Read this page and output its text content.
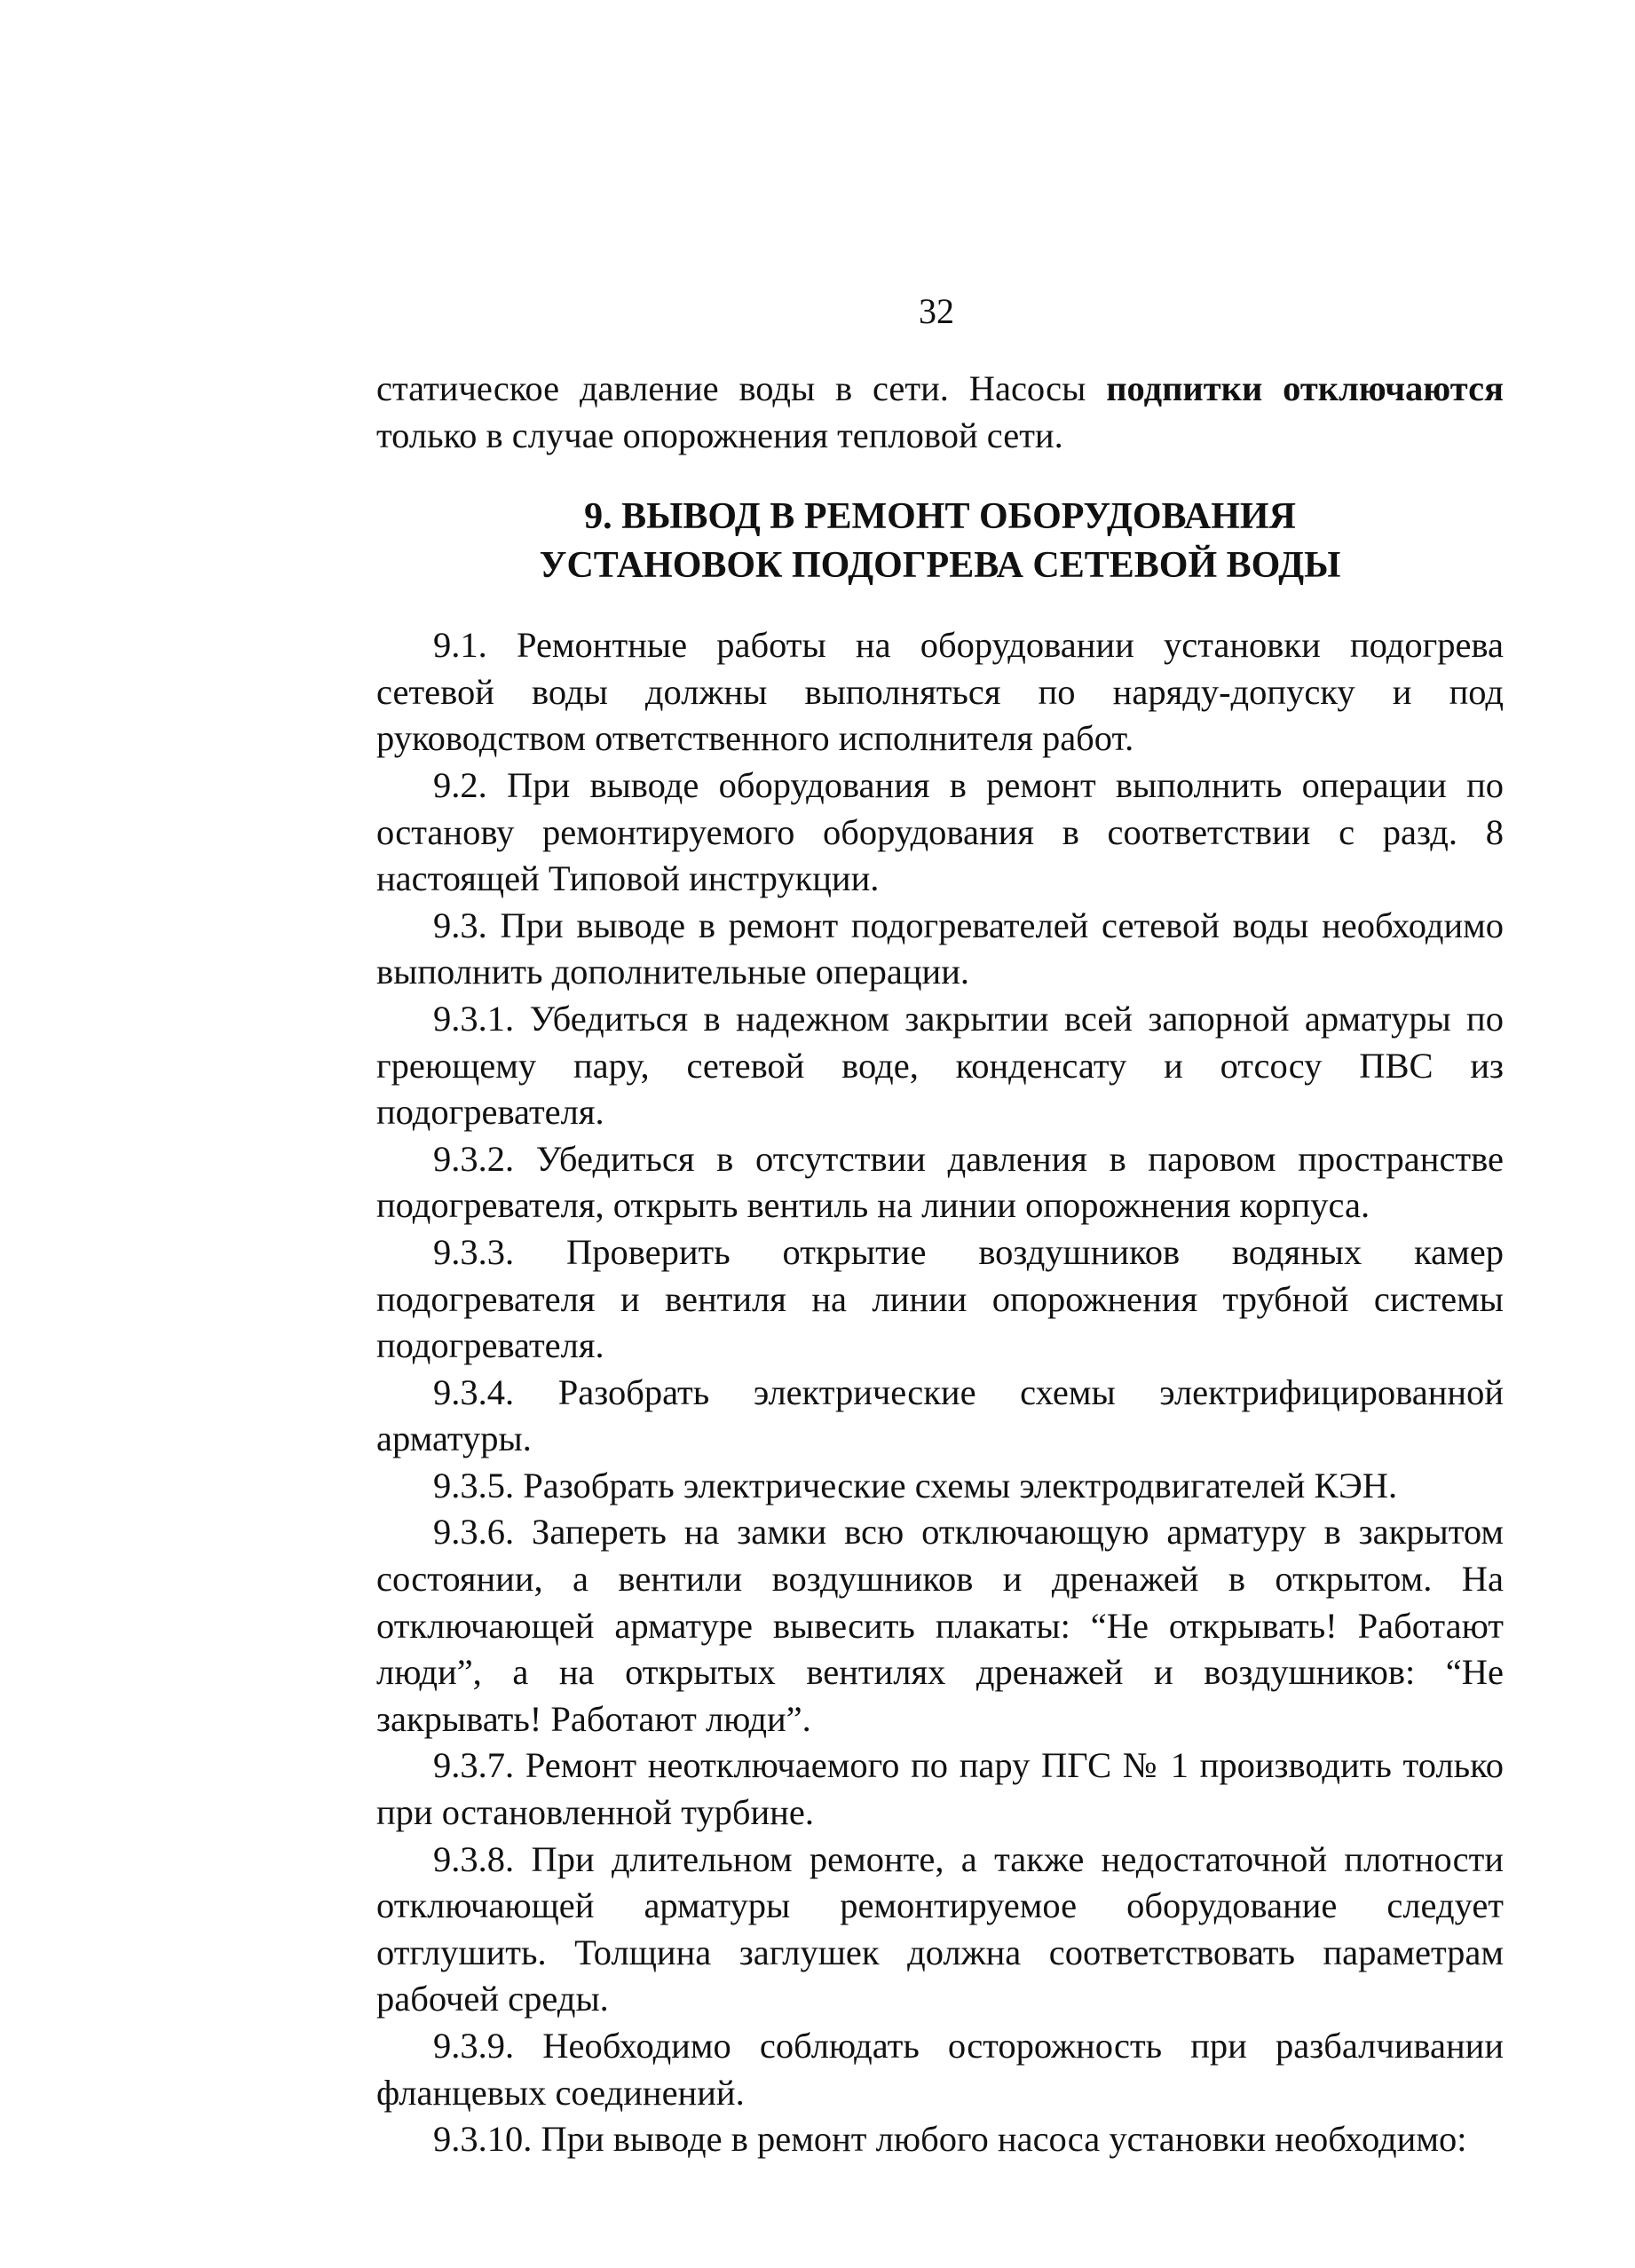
32

статическое давление воды в сети. Насосы подпитки отключаются только в случае опорожнения тепловой сети.

9. ВЫВОД В РЕМОНТ ОБОРУДОВАНИЯ
УСТАНОВОК ПОДОГРЕВА СЕТЕВОЙ ВОДЫ

9.1. Ремонтные работы на оборудовании установки подогрева сетевой воды должны выполняться по наряду-допуску и под руководством ответственного исполнителя работ.

9.2. При выводе оборудования в ремонт выполнить операции по останову ремонтируемого оборудования в соответствии с разд. 8 настоящей Типовой инструкции.

9.3. При выводе в ремонт подогревателей сетевой воды необходимо выполнить дополнительные операции.

9.3.1. Убедиться в надежном закрытии всей запорной арматуры по греющему пару, сетевой воде, конденсату и отсосу ПВС из подогревателя.

9.3.2. Убедиться в отсутствии давления в паровом пространстве подогревателя, открыть вентиль на линии опорожнения корпуса.

9.3.3. Проверить открытие воздушников водяных камер подогревателя и вентиля на линии опорожнения трубной системы подогревателя.

9.3.4. Разобрать электрические схемы электрифицированной арматуры.

9.3.5. Разобрать электрические схемы электродвигателей КЭН.

9.3.6. Запереть на замки всю отключающую арматуру в закрытом состоянии, а вентили воздушников и дренажей в открытом. На отключающей арматуре вывесить плакаты: “Не открывать! Работают люди”, а на открытых вентилях дренажей и воздушников: “Не закрывать! Работают люди”.

9.3.7. Ремонт неотключаемого по пару ПГС № 1 производить только при остановленной турбине.

9.3.8. При длительном ремонте, а также недостаточной плотности отключающей арматуры ремонтируемое оборудование следует отглушить. Толщина заглушек должна соответствовать параметрам рабочей среды.

9.3.9. Необходимо соблюдать осторожность при разбалчивании фланцевых соединений.

9.3.10. При выводе в ремонт любого насоса установки необходимо:
